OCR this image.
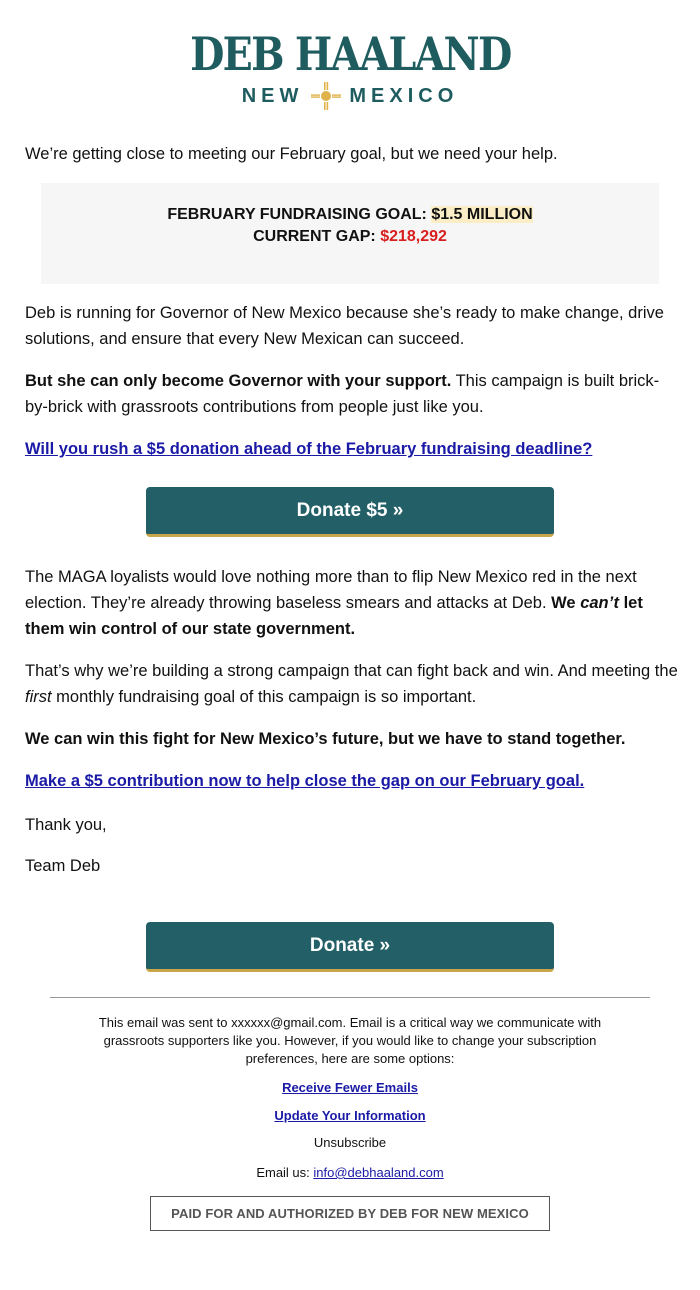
DEB HAALAND
NEW MEXICO

We’re getting close to meeting our February goal, but we need your help.

FEBRUARY FUNDRAISING GOAL: $1.5 MILLION
CURRENT GAP: $218,292

Deb is running for Governor of New Mexico because she’s ready to make change, drive solutions, and ensure that every New Mexican can succeed.

But she can only become Governor with your support. This campaign is built brick-by-brick with grassroots contributions from people just like you.

Will you rush a $5 donation ahead of the February fundraising deadline?

Donate $5 »

The MAGA loyalists would love nothing more than to flip New Mexico red in the next election. They’re already throwing baseless smears and attacks at Deb. We can’t let them win control of our state government.

That’s why we’re building a strong campaign that can fight back and win. And meeting the first monthly fundraising goal of this campaign is so important.

We can win this fight for New Mexico’s future, but we have to stand together.

Make a $5 contribution now to help close the gap on our February goal.

Thank you,

Team Deb

Donate »

This email was sent to xxxxxx@gmail.com. Email is a critical way we communicate with grassroots supporters like you. However, if you would like to change your subscription preferences, here are some options:

Receive Fewer Emails

Update Your Information

Unsubscribe

Email us: info@debhaaland.com

PAID FOR AND AUTHORIZED BY DEB FOR NEW MEXICO
